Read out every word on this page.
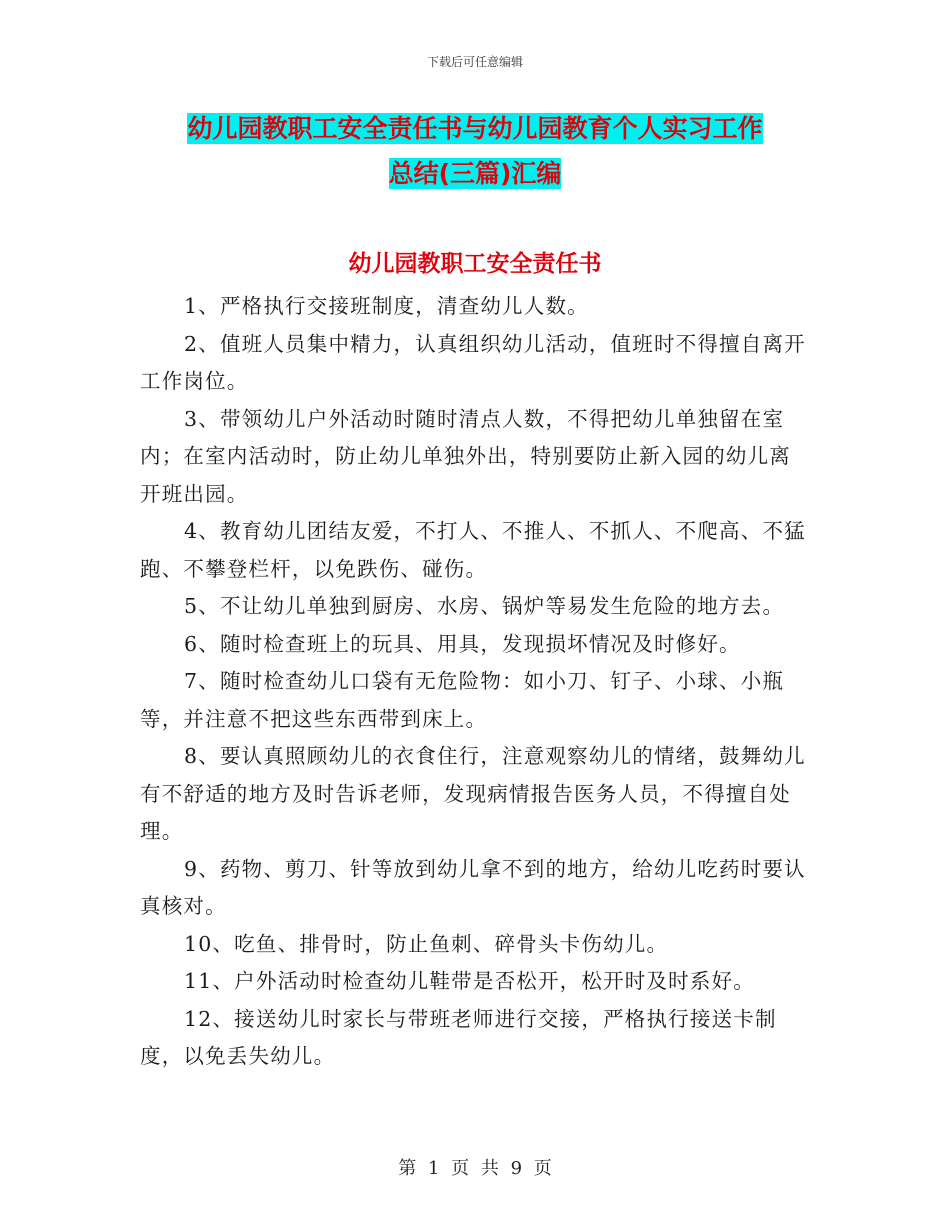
下载后可任意编辑
幼儿园教职工安全责任书与幼儿园教育个人实习工作
总结(三篇)汇编
幼儿园教职工安全责任书

1、严格执行交接班制度，清查幼儿人数。

2、值班人员集中精力，认真组织幼儿活动，值班时不得擅自离开工作岗位。

3、带领幼儿户外活动时随时清点人数，不得把幼儿单独留在室内；在室内活动时，防止幼儿单独外出，特别要防止新入园的幼儿离开班出园。

4、教育幼儿团结友爱，不打人、不推人、不抓人、不爬高、不猛跑、不攀登栏杆，以免跌伤、碰伤。

5、不让幼儿单独到厨房、水房、锅炉等易发生危险的地方去。

6、随时检查班上的玩具、用具，发现损坏情况及时修好。

7、随时检查幼儿口袋有无危险物：如小刀、钉子、小球、小瓶等，并注意不把这些东西带到床上。

8、要认真照顾幼儿的衣食住行，注意观察幼儿的情绪，鼓舞幼儿有不舒适的地方及时告诉老师，发现病情报告医务人员，不得擅自处理。

9、药物、剪刀、针等放到幼儿拿不到的地方，给幼儿吃药时要认真核对。

10、吃鱼、排骨时，防止鱼刺、碎骨头卡伤幼儿。

11、户外活动时检查幼儿鞋带是否松开，松开时及时系好。

12、接送幼儿时家长与带班老师进行交接，严格执行接送卡制度，以免丢失幼儿。

第 1 页 共 9 页
